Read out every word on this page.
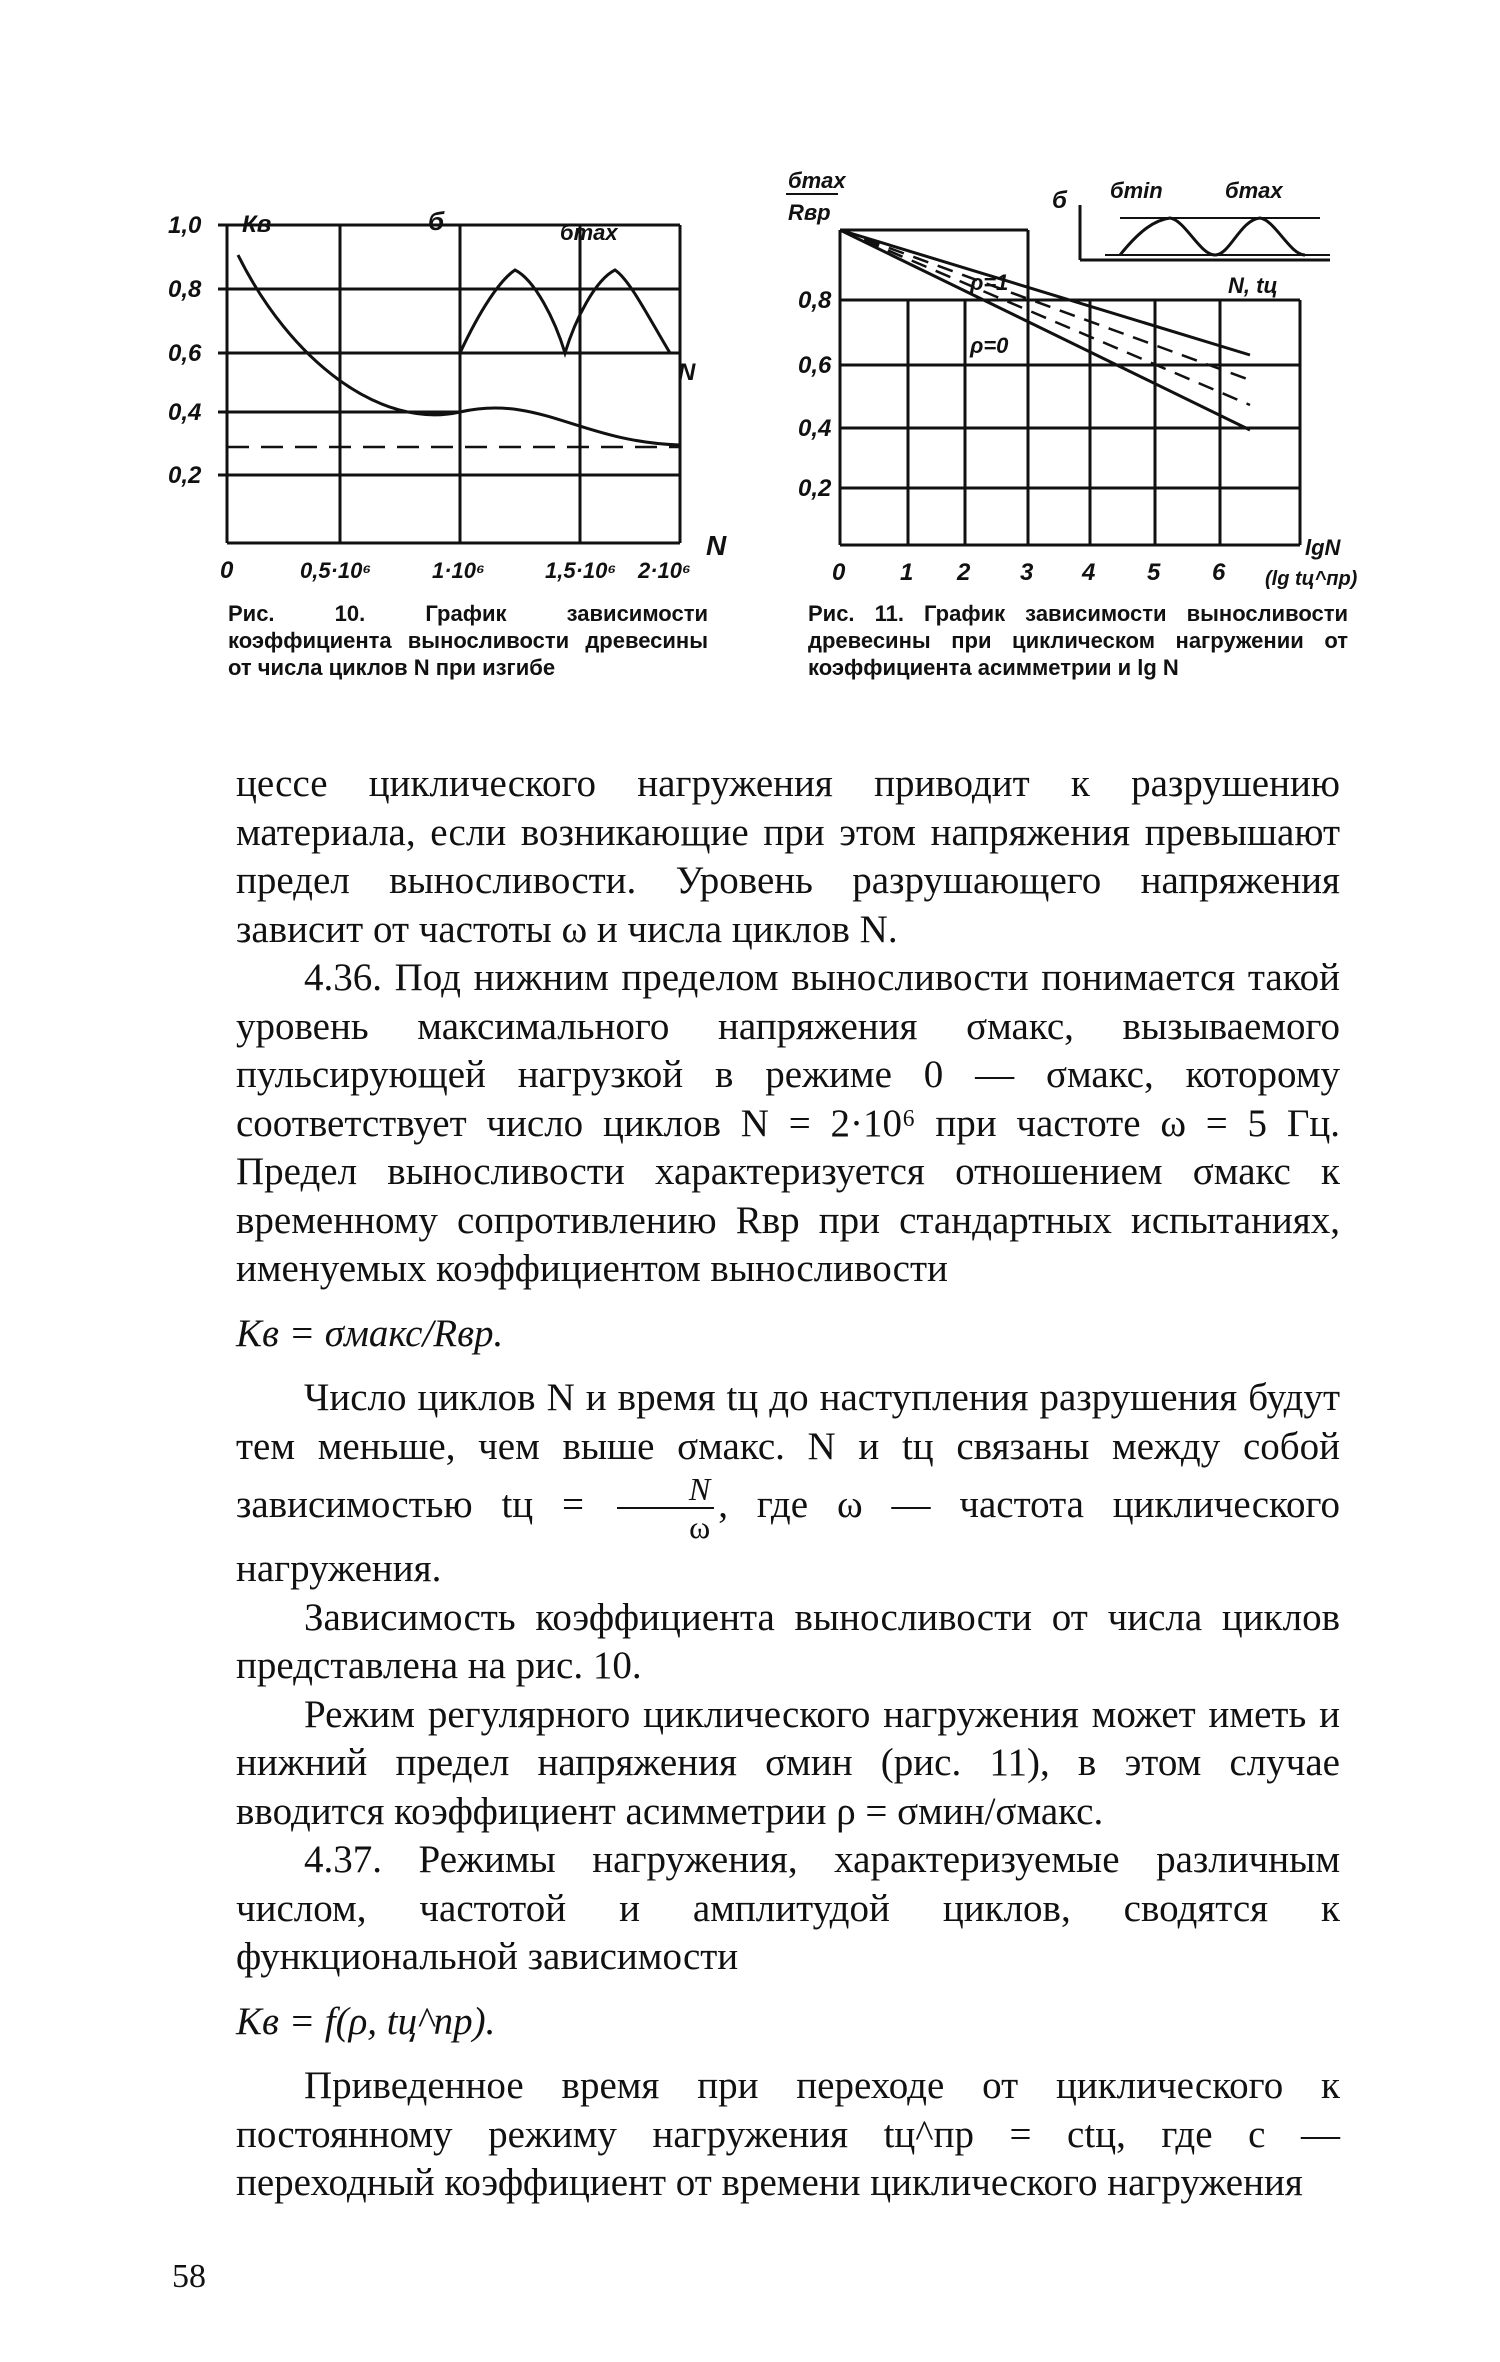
Кв	б	бmax
N
1,0
0,8
0,6
0,4
0,2
0	0,5·10⁶	1·10⁶	1,5·10⁶ 2·10⁶
N
Рис. 10. График зависимости коэффициента выносливости древесины от числа циклов N при изгибе
бmax
Rвр
0,8
0,6
0,4
0,2
0 1 2 3 4 5 6
lgN
(lg tц^пр)
ρ=1
ρ=0
б бmin	бmax
N, tц
Рис. 11. График зависимости выносливости древесины при циклическом нагружении от коэффициента асимметрии и lg N

цессе циклического нагружения приводит к разрушению материала, если возникающие при этом напряжения превышают предел выносливости. Уровень разрушающего напряжения зависит от частоты ω и числа циклов N.

4.36. Под нижним пределом выносливости понимается такой уровень максимального напряжения σмакс, вызываемого пульсирующей нагрузкой в режиме 0 — σмакс, которому соответствует число циклов N = 2·10⁶ при частоте ω = 5 Гц. Предел выносливости характеризуется отношением σмакс к временному сопротивлению Rвр при стандартных испытаниях, именуемых коэффициентом выносливости

Kв = σмакс/Rвр.

Число циклов N и время tц до наступления разрушения будут тем меньше, чем выше σмакс. N и tц связаны между собой зависимостью tц = $\frac{N}{\omega}$ , где ω — частота циклического нагружения.

Зависимость коэффициента выносливости от числа циклов представлена на рис. 10.

Режим регулярного циклического нагружения может иметь и нижний предел напряжения σмин (рис. 11), в этом случае вводится коэффициент асимметрии ρ = σмин/σмакс.

4.37. Режимы нагружения, характеризуемые различным числом, частотой и амплитудой циклов, сводятся к функциональной зависимости

Kв = f(ρ, tц^пр).

Приведенное время при переходе от циклического к постоянному режиму нагружения tц^пр = ctц, где c — переходный коэффициент от времени циклического нагружения

58
